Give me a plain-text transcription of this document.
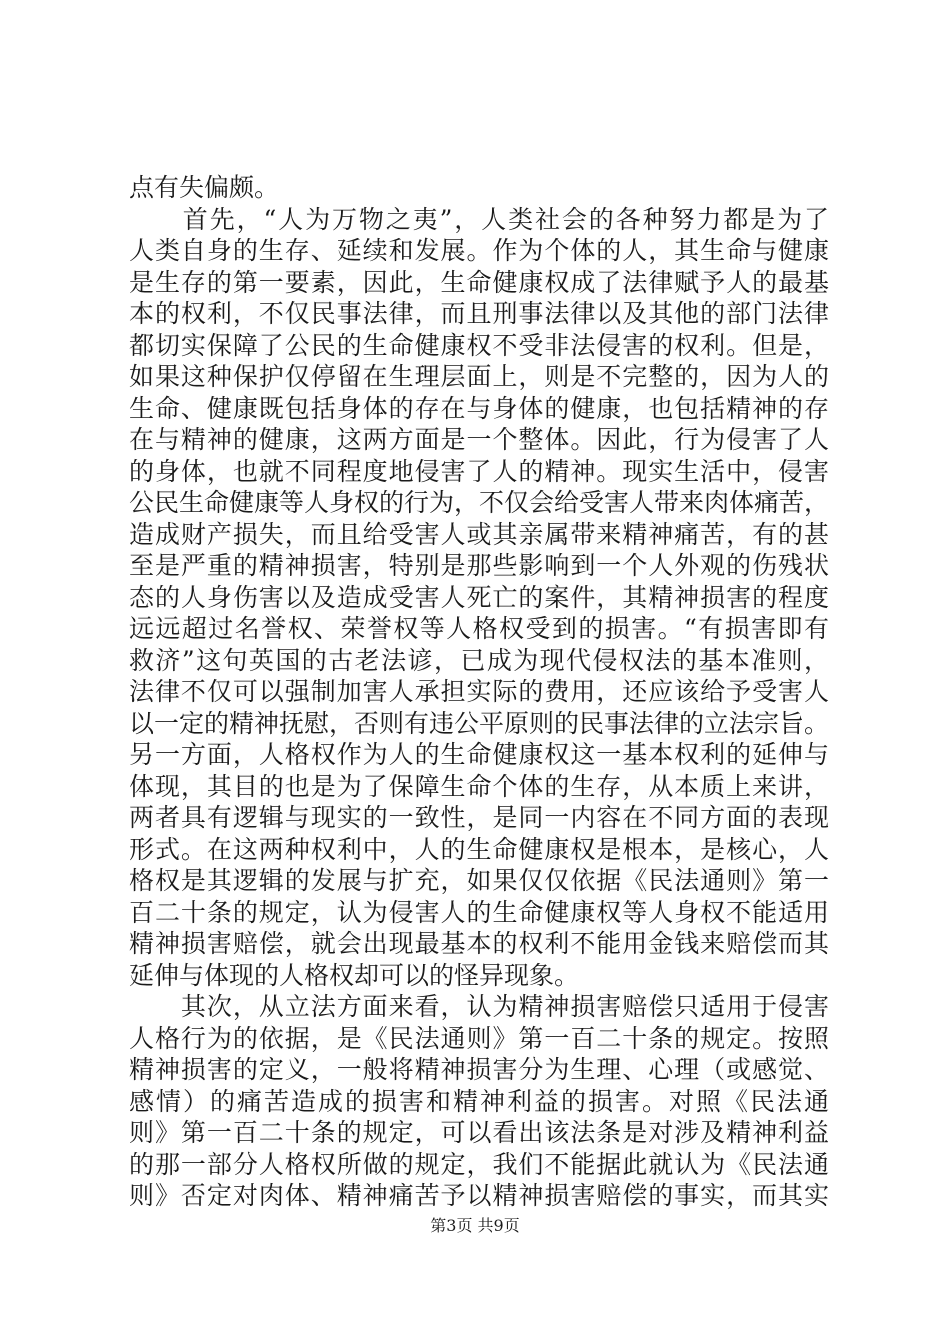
点有失偏颇。
　　首先，“人为万物之夷”，人类社会的各种努力都是为了
人类自身的生存、延续和发展。作为个体的人，其生命与健康
是生存的第一要素，因此，生命健康权成了法律赋予人的最基
本的权利，不仅民事法律，而且刑事法律以及其他的部门法律
都切实保障了公民的生命健康权不受非法侵害的权利。但是，
如果这种保护仅停留在生理层面上，则是不完整的，因为人的
生命、健康既包括身体的存在与身体的健康，也包括精神的存
在与精神的健康，这两方面是一个整体。因此，行为侵害了人
的身体，也就不同程度地侵害了人的精神。现实生活中，侵害
公民生命健康等人身权的行为，不仅会给受害人带来肉体痛苦，
造成财产损失，而且给受害人或其亲属带来精神痛苦，有的甚
至是严重的精神损害，特别是那些影响到一个人外观的伤残状
态的人身伤害以及造成受害人死亡的案件，其精神损害的程度
远远超过名誉权、荣誉权等人格权受到的损害。“有损害即有
救济”这句英国的古老法谚，已成为现代侵权法的基本准则，
法律不仅可以强制加害人承担实际的费用，还应该给予受害人
以一定的精神抚慰，否则有违公平原则的民事法律的立法宗旨。
另一方面，人格权作为人的生命健康权这一基本权利的延伸与
体现，其目的也是为了保障生命个体的生存，从本质上来讲，
两者具有逻辑与现实的一致性，是同一内容在不同方面的表现
形式。在这两种权利中，人的生命健康权是根本，是核心，人
格权是其逻辑的发展与扩充，如果仅仅依据《民法通则》第一
百二十条的规定，认为侵害人的生命健康权等人身权不能适用
精神损害赔偿，就会出现最基本的权利不能用金钱来赔偿而其
延伸与体现的人格权却可以的怪异现象。
　　其次，从立法方面来看，认为精神损害赔偿只适用于侵害
人格行为的依据，是《民法通则》第一百二十条的规定。按照
精神损害的定义，一般将精神损害分为生理、心理（或感觉、
感情）的痛苦造成的损害和精神利益的损害。对照《民法通
则》第一百二十条的规定，可以看出该法条是对涉及精神利益
的那一部分人格权所做的规定，我们不能据此就认为《民法通
则》否定对肉体、精神痛苦予以精神损害赔偿的事实，而其实
第3页 共9页
